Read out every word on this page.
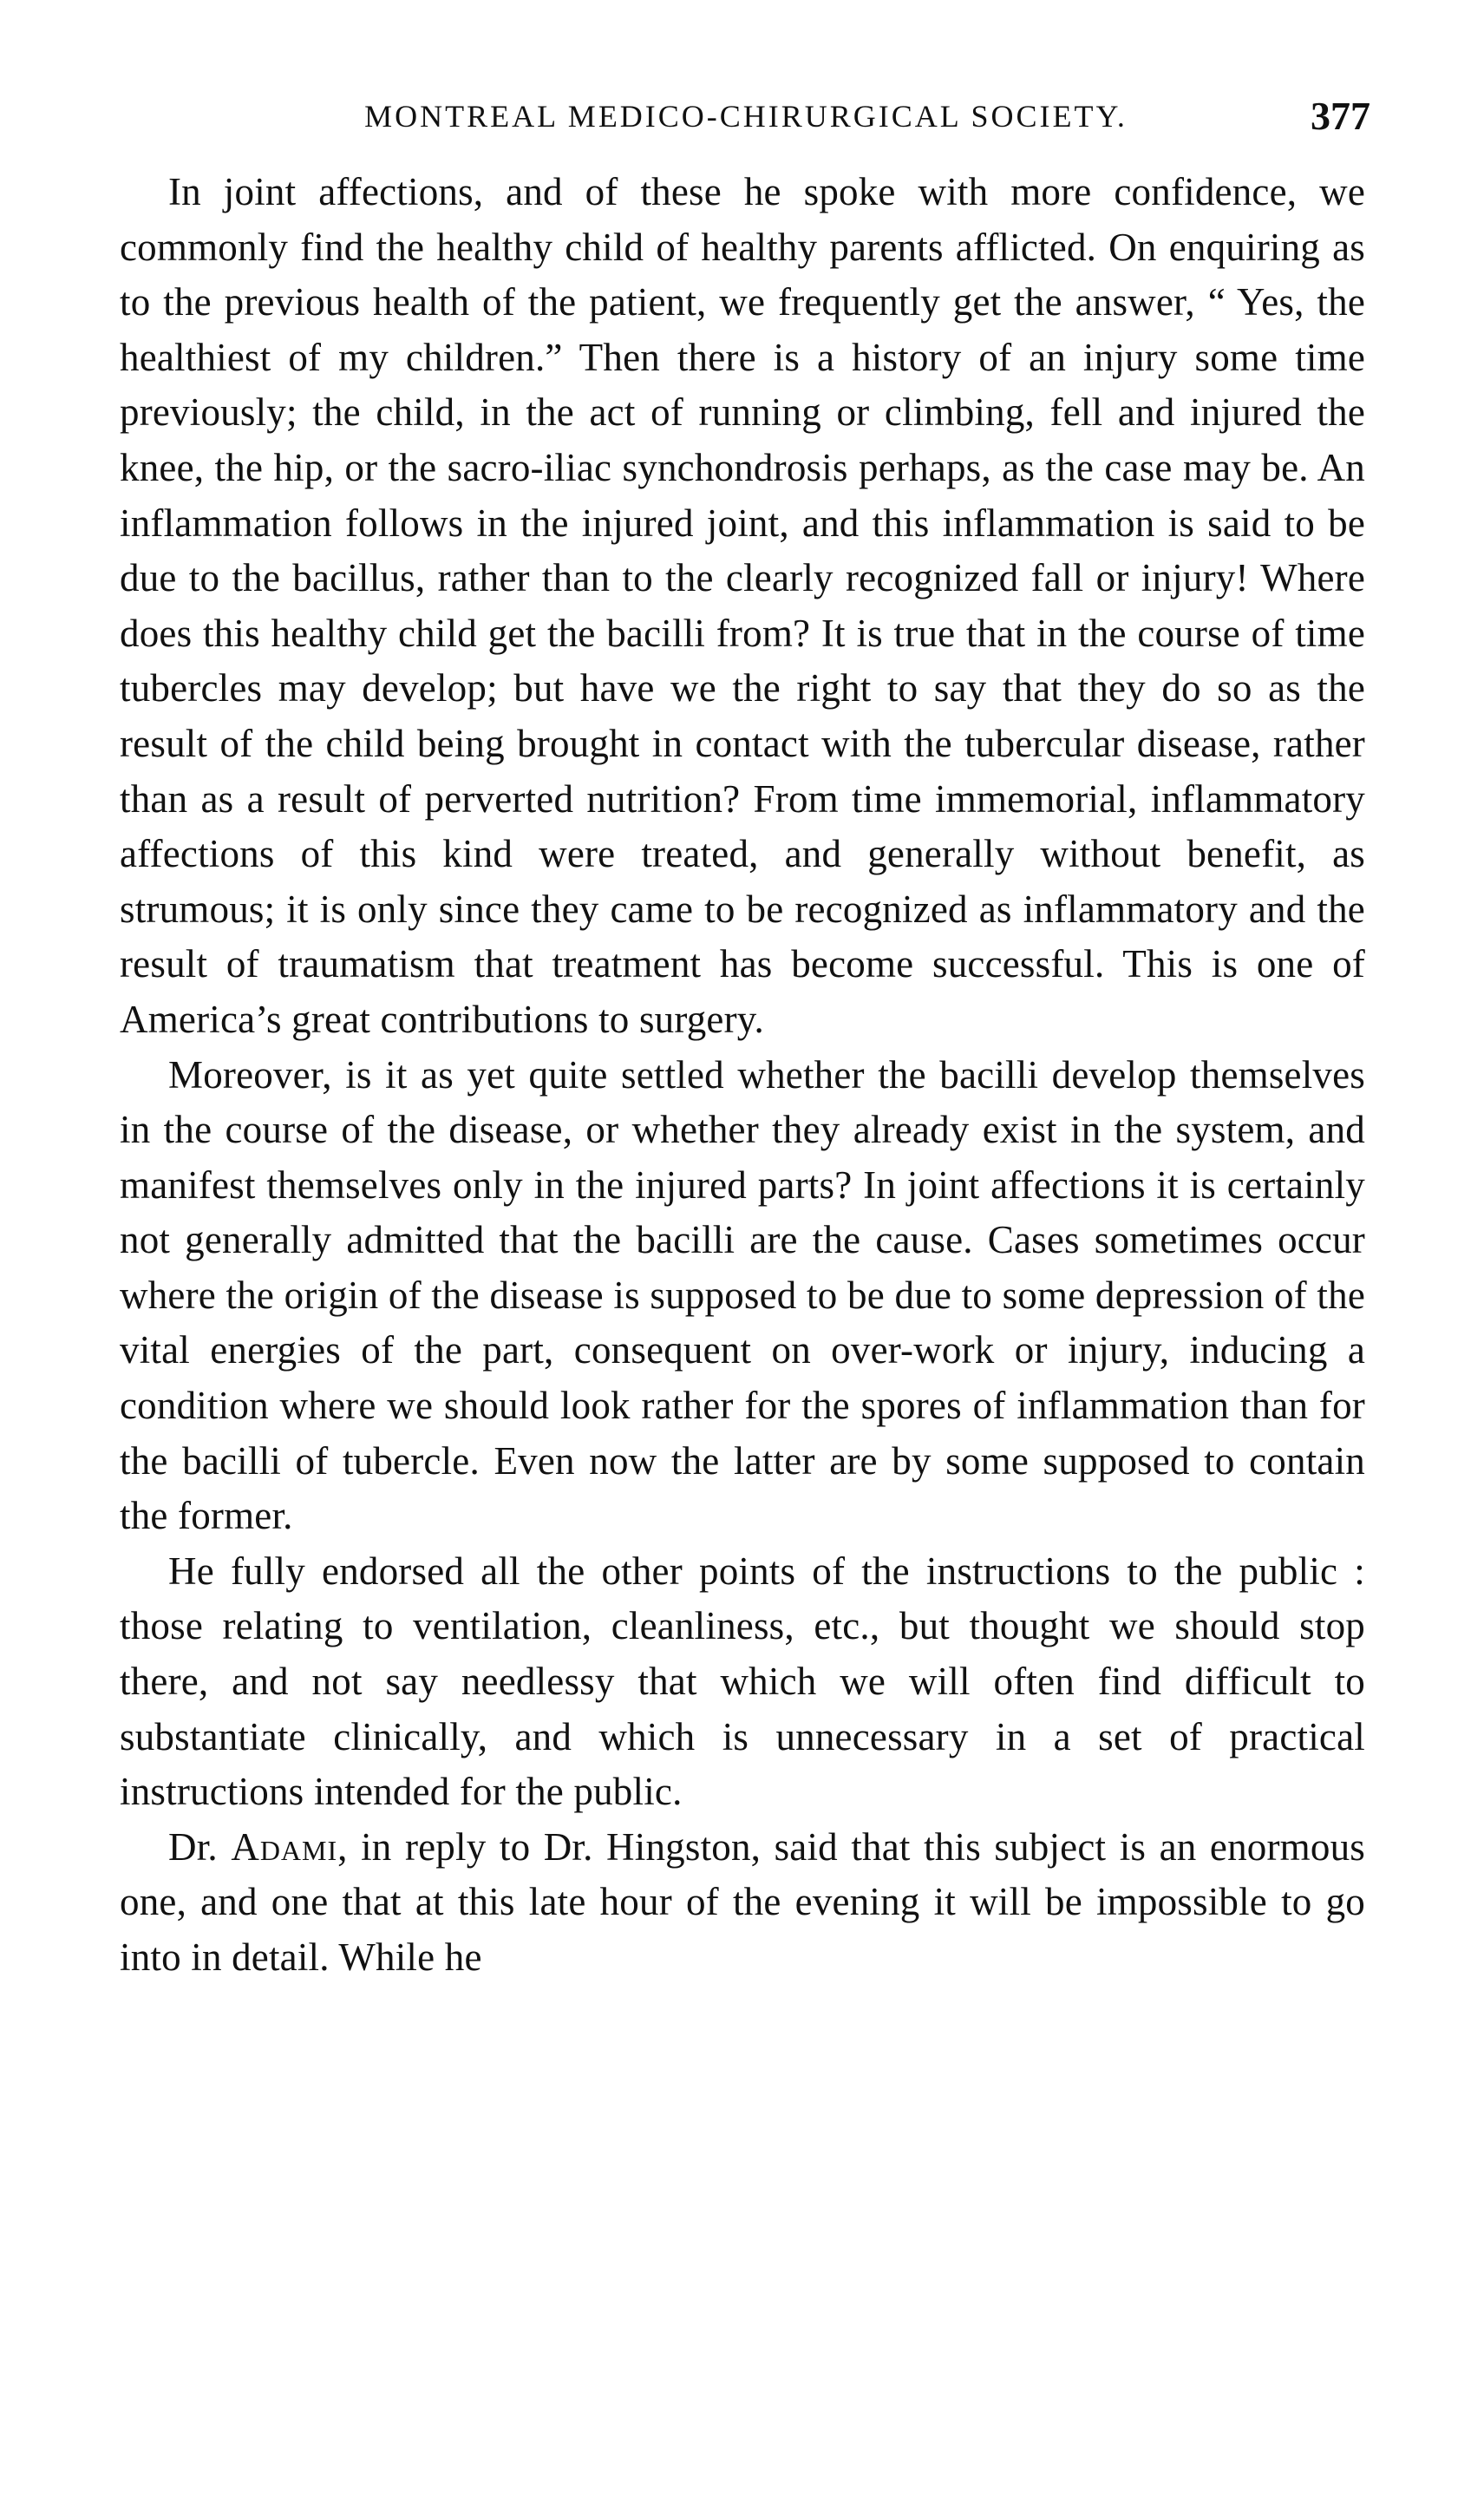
MONTREAL MEDICO-CHIRURGICAL SOCIETY.	377

In joint affections, and of these he spoke with more confidence, we commonly find the healthy child of healthy parents afflicted. On enquiring as to the previous health of the patient, we frequently get the answer, “ Yes, the healthiest of my children.” Then there is a history of an injury some time previously; the child, in the act of running or climbing, fell and injured the knee, the hip, or the sacro-iliac synchondrosis perhaps, as the case may be. An inflammation follows in the injured joint, and this inflammation is said to be due to the bacillus, rather than to the clearly recognized fall or injury! Where does this healthy child get the bacilli from? It is true that in the course of time tubercles may develop; but have we the right to say that they do so as the result of the child being brought in contact with the tubercular disease, rather than as a result of perverted nutrition? From time immemorial, inflammatory affections of this kind were treated, and generally without benefit, as strumous; it is only since they came to be recognized as inflammatory and the result of traumatism that treatment has become successful. This is one of America’s great contributions to surgery.

Moreover, is it as yet quite settled whether the bacilli develop themselves in the course of the disease, or whether they already exist in the system, and manifest themselves only in the injured parts? In joint affections it is certainly not generally admitted that the bacilli are the cause. Cases sometimes occur where the origin of the disease is supposed to be due to some depression of the vital energies of the part, consequent on over-work or injury, inducing a condition where we should look rather for the spores of inflammation than for the bacilli of tubercle. Even now the latter are by some supposed to contain the former.

He fully endorsed all the other points of the instructions to the public : those relating to ventilation, cleanliness, etc., but thought we should stop there, and not say needlessy that which we will often find difficult to substantiate clinically, and which is unnecessary in a set of practical instructions intended for the public.

Dr. Adami, in reply to Dr. Hingston, said that this subject is an enormous one, and one that at this late hour of the evening it will be impossible to go into in detail. While he
